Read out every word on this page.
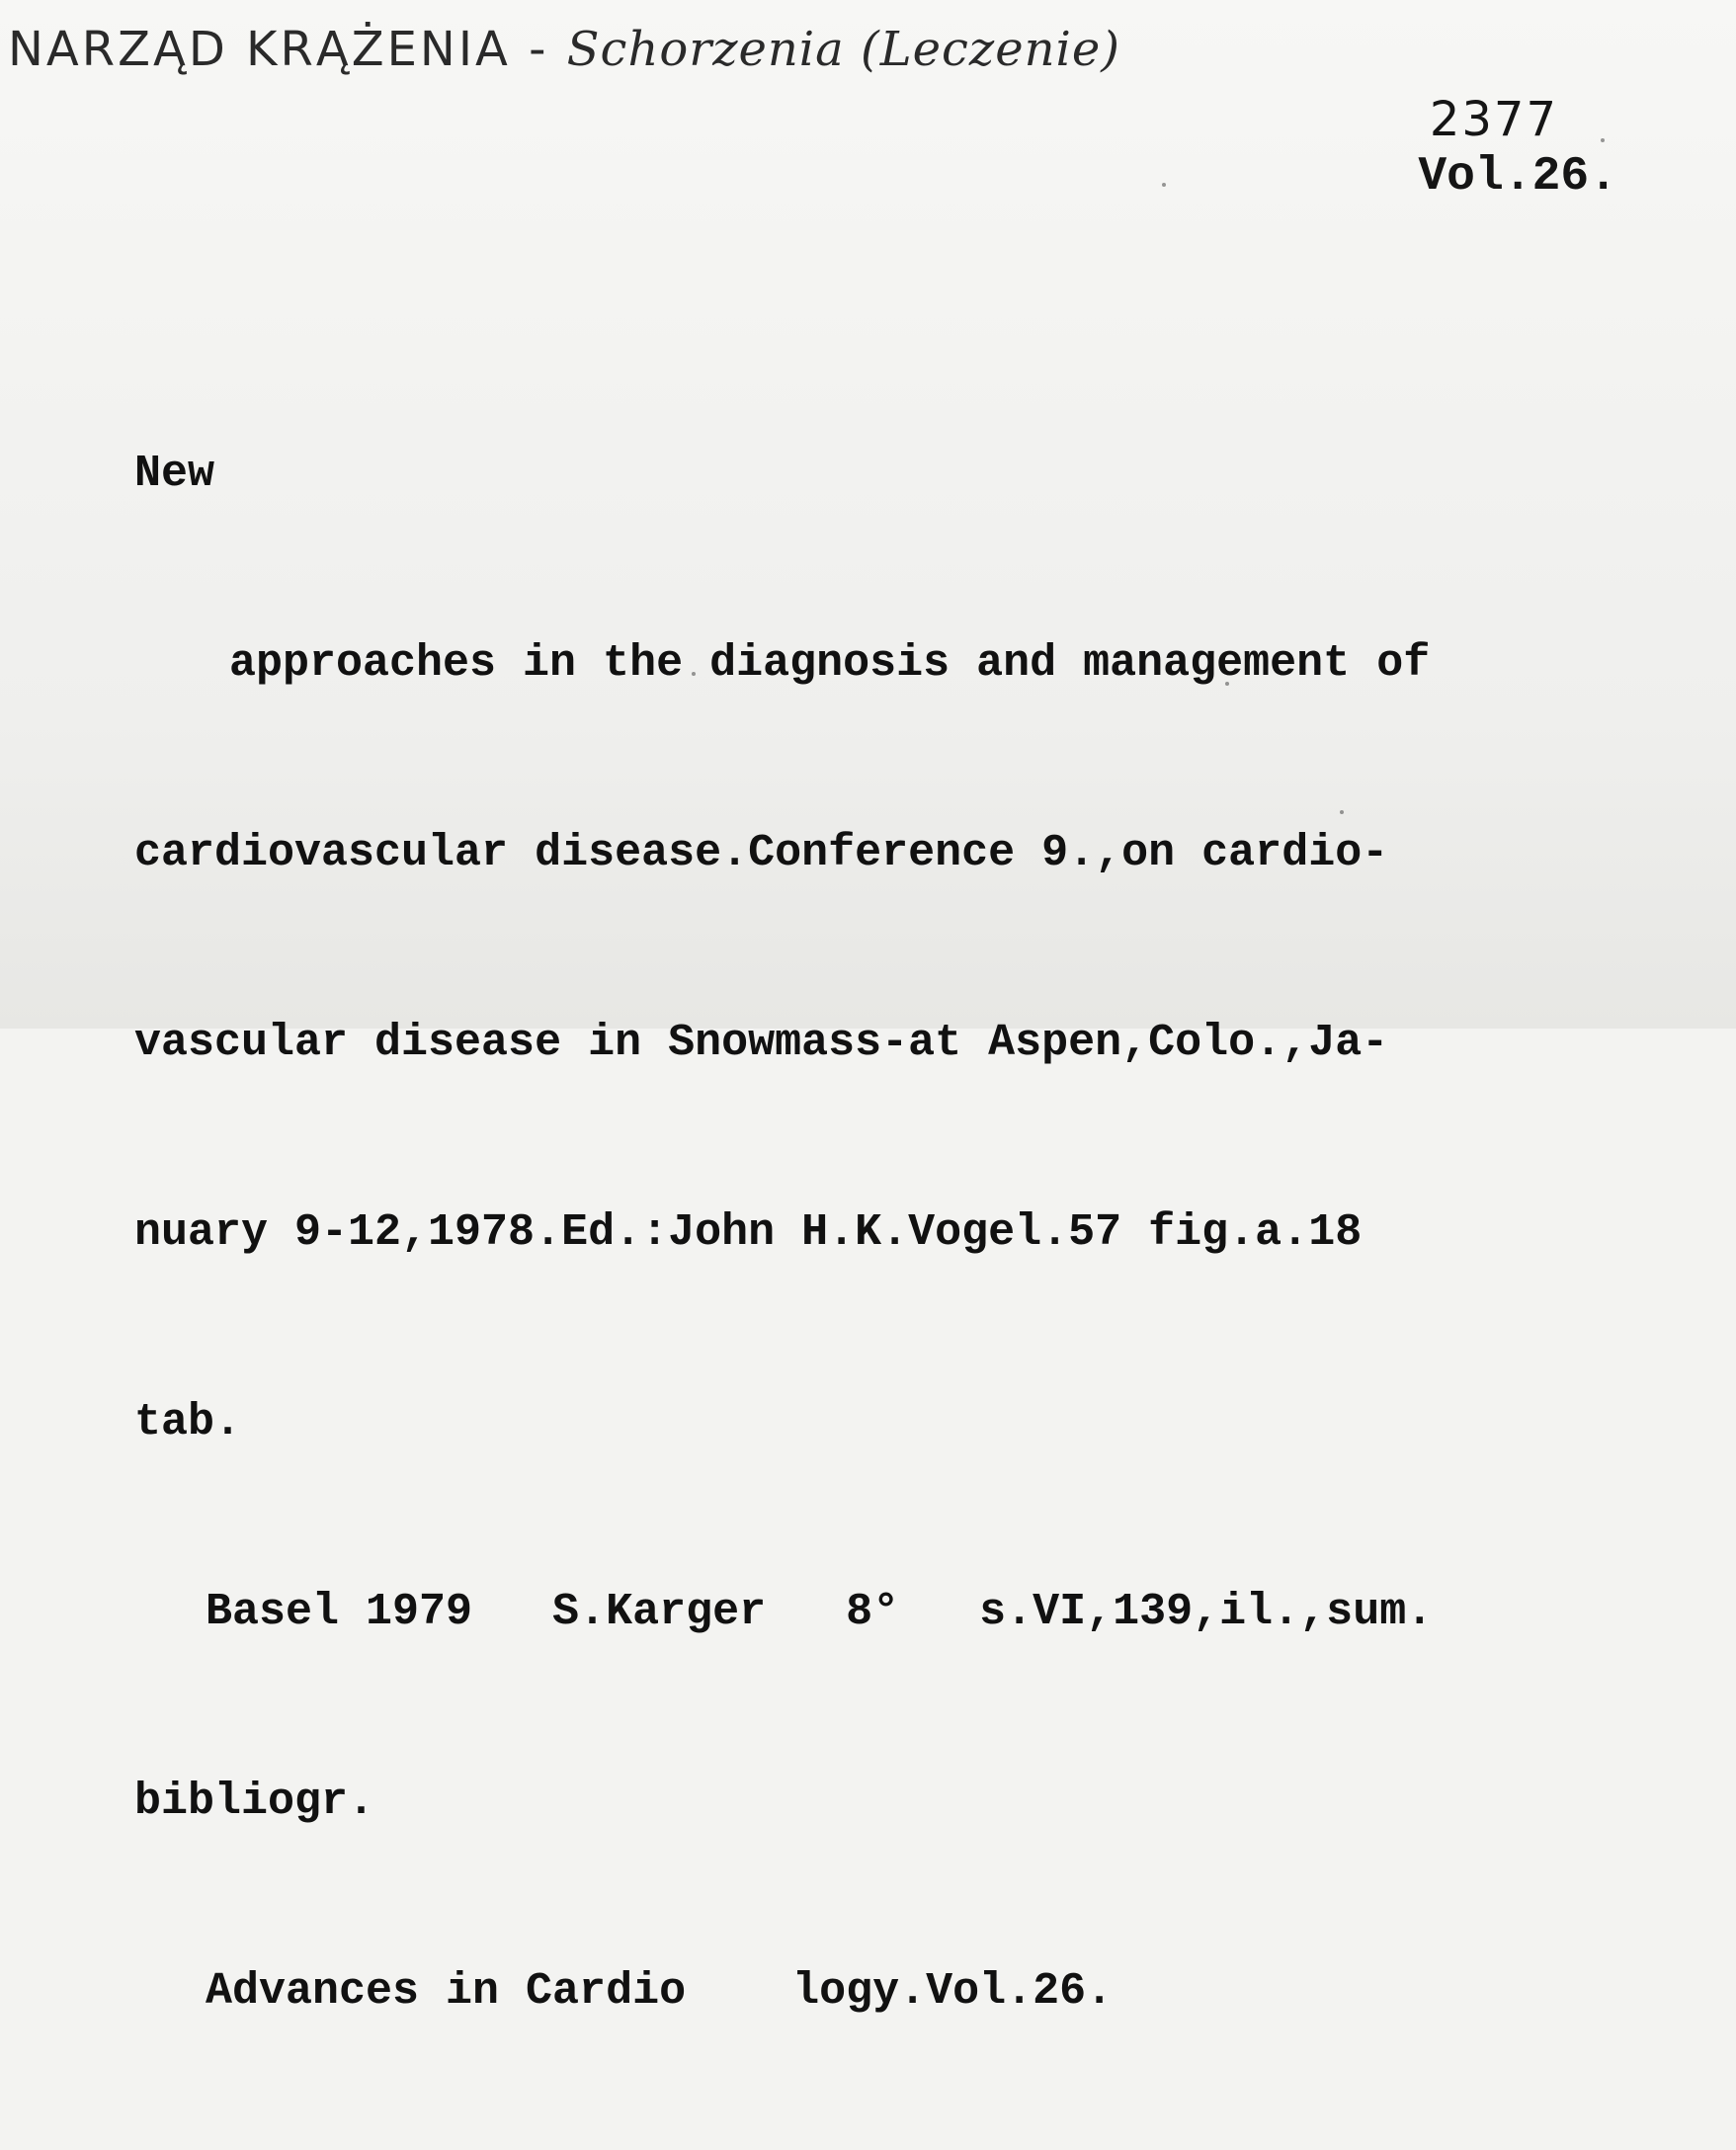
NARZĄD KRĄŻENIA - Schorzenia (Leczenie)
2377
Vol.26.

New

approaches in the diagnosis and management of

cardiovascular disease.Conference 9.,on cardio-

vascular disease in Snowmass-at Aspen,Colo.,Ja-

nuary 9-12,1978.Ed.:John H.K.Vogel.57 fig.a.18

tab.

Basel 1979   S.Karger   8°   s.VI,139,il.,sum.

bibliogr.

Advances in Cardio    logy.Vol.26.
